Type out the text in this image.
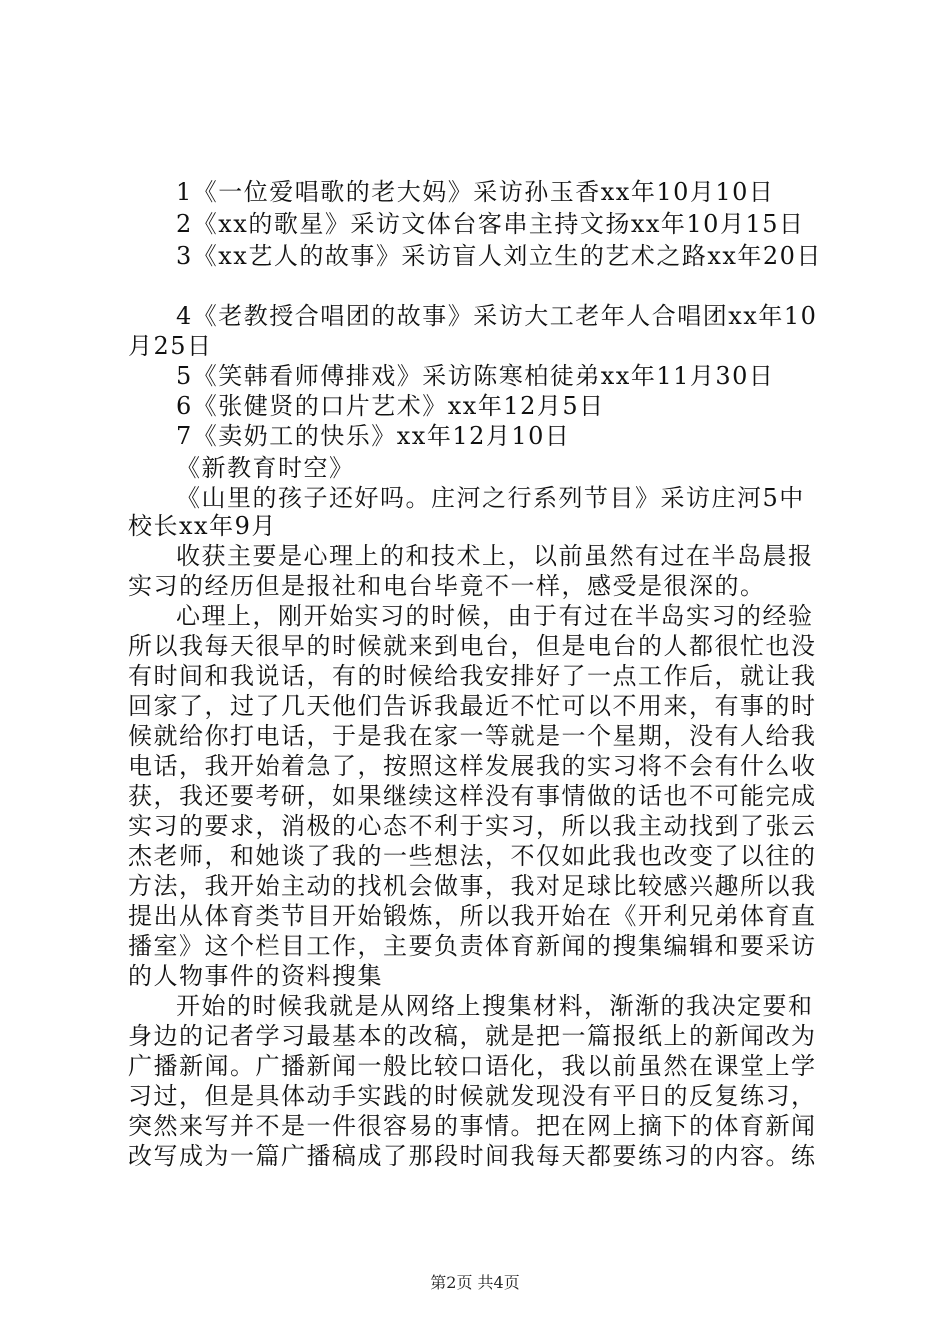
1《一位爱唱歌的老大妈》采访孙玉香xx年10月10日
2《xx的歌星》采访文体台客串主持文扬xx年10月15日
3《xx艺人的故事》采访盲人刘立生的艺术之路xx年20日
4《老教授合唱团的故事》采访大工老年人合唱团xx年10
月25日
5《笑韩看师傅排戏》采访陈寒柏徒弟xx年11月30日
6《张健贤的口片艺术》xx年12月5日
7《卖奶工的快乐》xx年12月10日
《新教育时空》
《山里的孩子还好吗。庄河之行系列节目》采访庄河5中
校长xx年9月
收获主要是心理上的和技术上，以前虽然有过在半岛晨报
实习的经历但是报社和电台毕竟不一样，感受是很深的。
心理上，刚开始实习的时候，由于有过在半岛实习的经验
所以我每天很早的时候就来到电台，但是电台的人都很忙也没
有时间和我说话，有的时候给我安排好了一点工作后，就让我
回家了，过了几天他们告诉我最近不忙可以不用来，有事的时
候就给你打电话，于是我在家一等就是一个星期，没有人给我
电话，我开始着急了，按照这样发展我的实习将不会有什么收
获，我还要考研，如果继续这样没有事情做的话也不可能完成
实习的要求，消极的心态不利于实习，所以我主动找到了张云
杰老师，和她谈了我的一些想法，不仅如此我也改变了以往的
方法，我开始主动的找机会做事，我对足球比较感兴趣所以我
提出从体育类节目开始锻炼，所以我开始在《开利兄弟体育直
播室》这个栏目工作，主要负责体育新闻的搜集编辑和要采访
的人物事件的资料搜集
开始的时候我就是从网络上搜集材料，渐渐的我决定要和
身边的记者学习最基本的改稿，就是把一篇报纸上的新闻改为
广播新闻。广播新闻一般比较口语化，我以前虽然在课堂上学
习过，但是具体动手实践的时候就发现没有平日的反复练习，
突然来写并不是一件很容易的事情。把在网上摘下的体育新闻
改写成为一篇广播稿成了那段时间我每天都要练习的内容。练
第2页 共4页
